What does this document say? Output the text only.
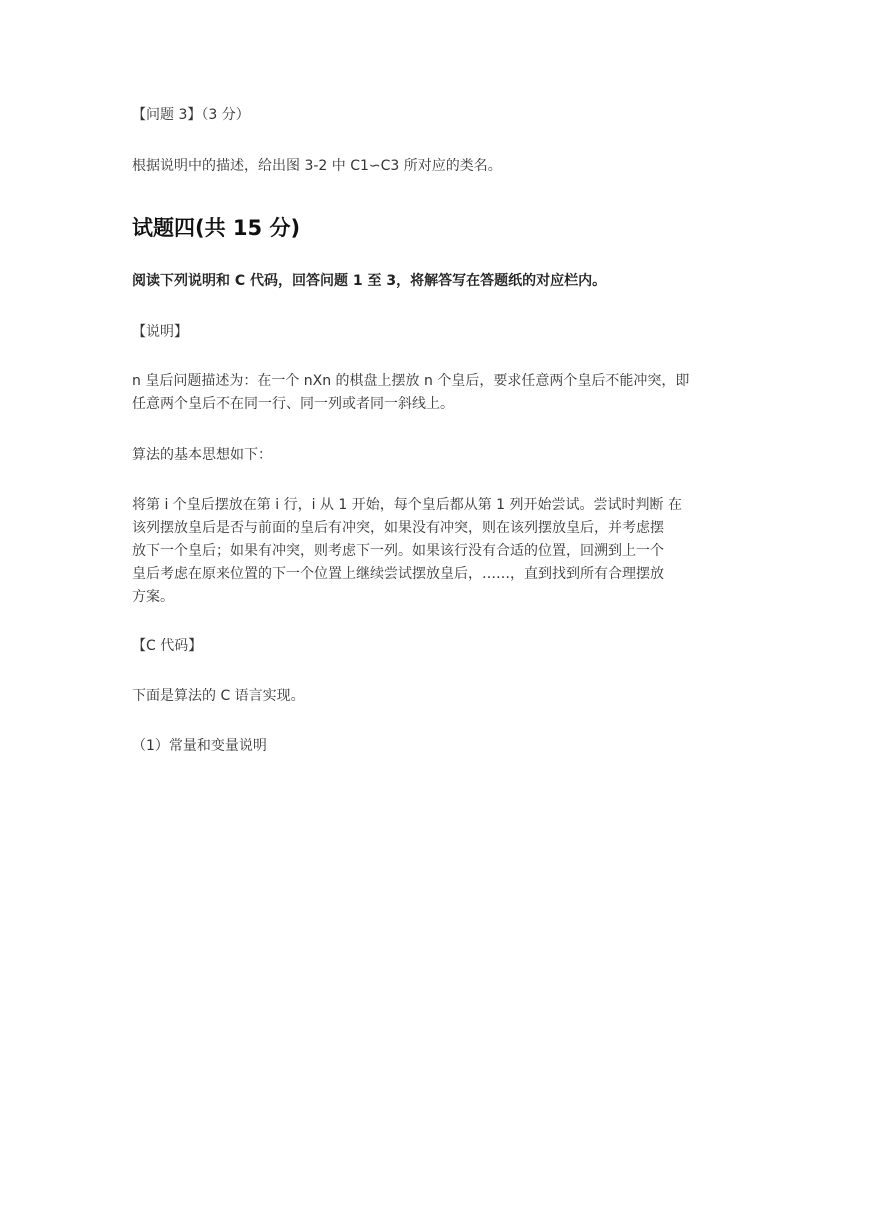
【问题 3】（3 分）

根据说明中的描述，给出图 3-2 中 C1∽C3 所对应的类名。

试题四(共 15 分)

阅读下列说明和 C 代码，回答问题 1 至 3，将解答写在答题纸的对应栏内。

【说明】

n 皇后问题描述为：在一个 nXn 的棋盘上摆放 n 个皇后，要求任意两个皇后不能冲突，即
任意两个皇后不在同一行、同一列或者同一斜线上。

算法的基本思想如下：

将第 i 个皇后摆放在第 i 行，i 从 1 开始，每个皇后都从第 1 列开始尝试。尝试时判断 在
该列摆放皇后是否与前面的皇后有冲突，如果没有冲突，则在该列摆放皇后，并考虑摆
放下一个皇后；如果有冲突，则考虑下一列。如果该行没有合适的位置，回溯到上一个
皇后考虑在原来位置的下一个位置上继续尝试摆放皇后，……，直到找到所有合理摆放
方案。

【C 代码】

下面是算法的 C 语言实现。

（1）常量和变量说明
